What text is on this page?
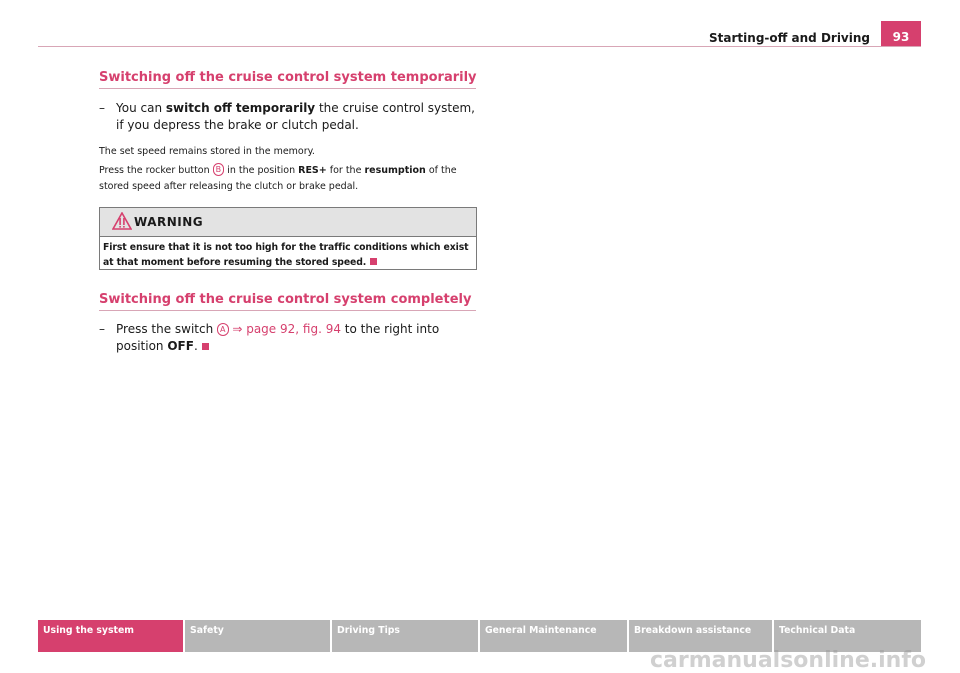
Starting-off and Driving	93
Switching off the cruise control system temporarily
– You can switch off temporarily the cruise control system, if you depress the brake or clutch pedal.
The set speed remains stored in the memory.
Press the rocker button B in the position RES+ for the resumption of the stored speed after releasing the clutch or brake pedal.
WARNING
First ensure that it is not too high for the traffic conditions which exist at that moment before resuming the stored speed.
Switching off the cruise control system completely
– Press the switch A ⇒ page 92, fig. 94 to the right into position OFF.
Using the system	Safety	Driving Tips	General Maintenance	Breakdown assistance	Technical Data
carmanualsonline.info
